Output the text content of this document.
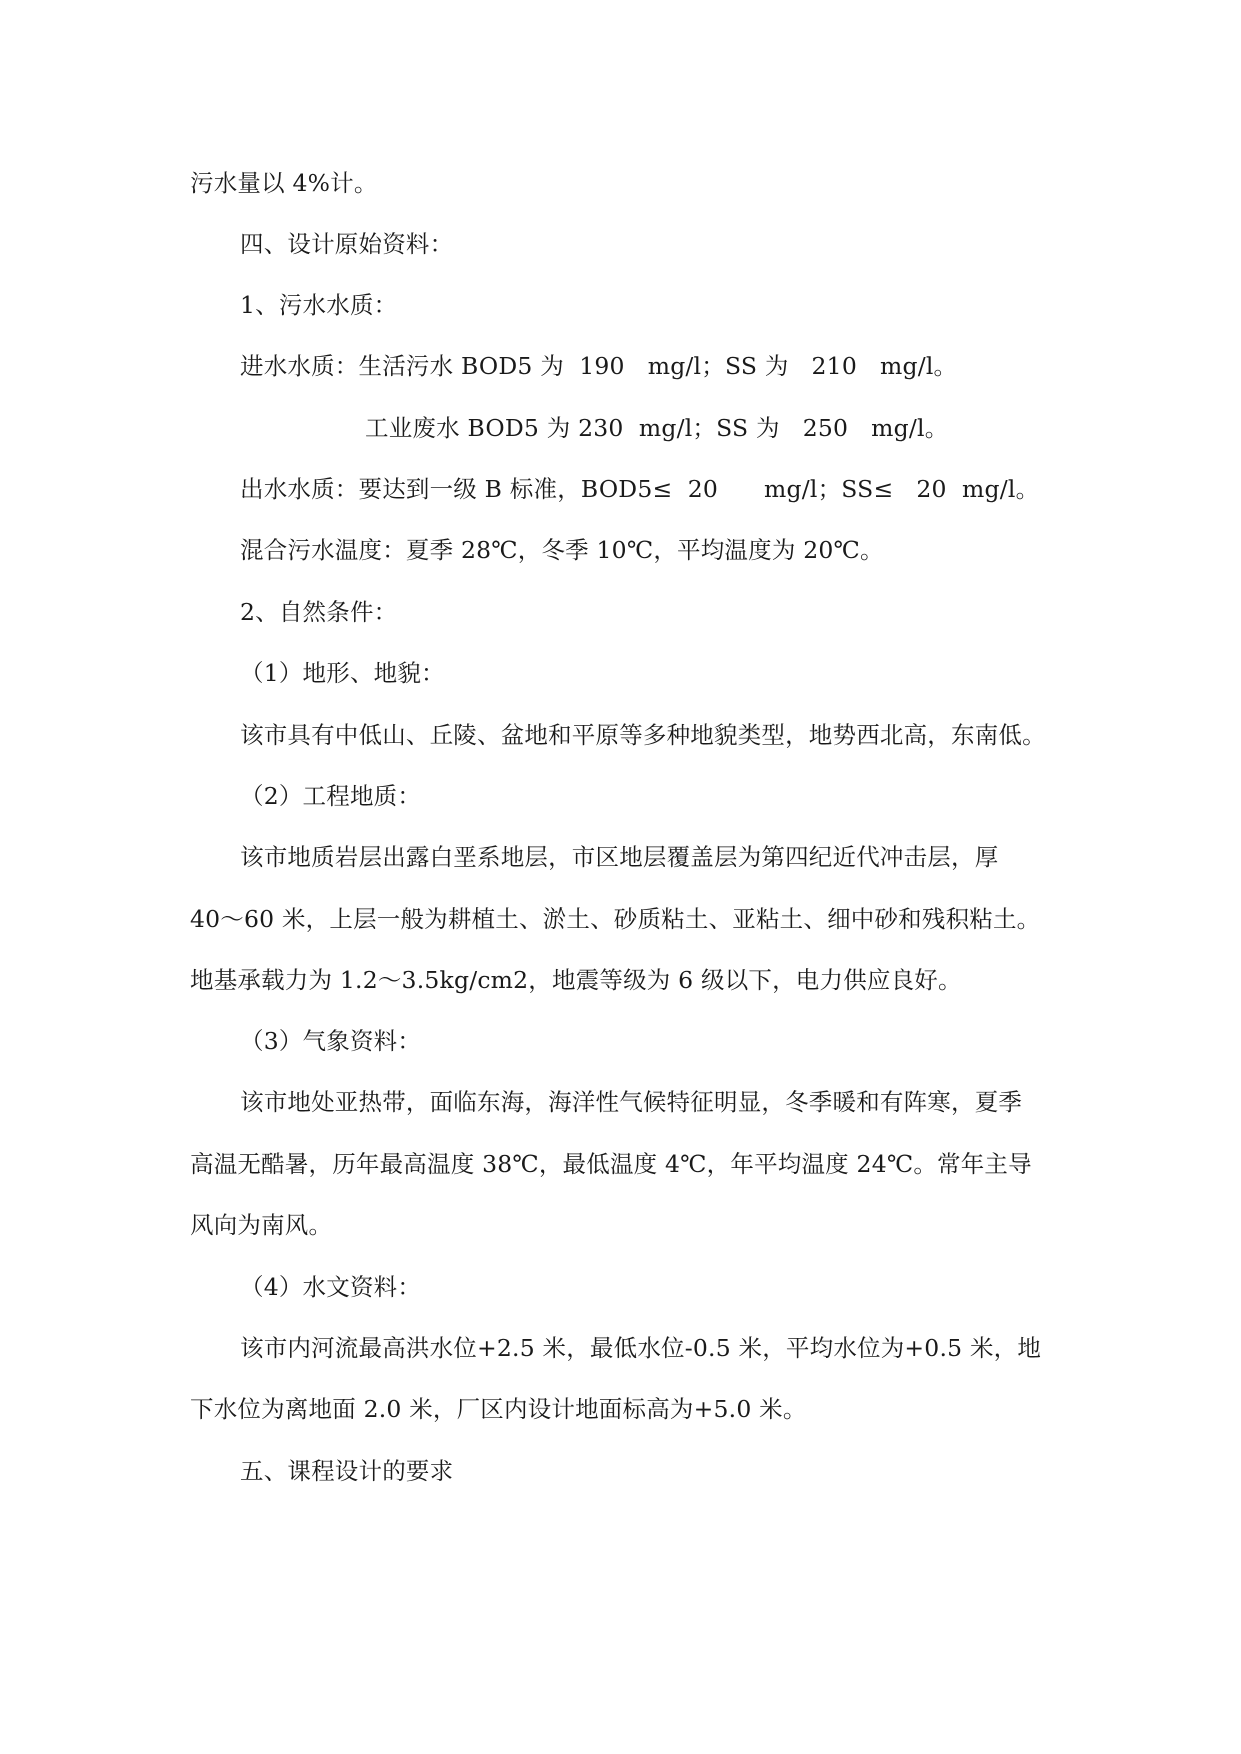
污水量以 4%计。
四、设计原始资料：
1、污水水质：
进水水质：生活污水 BOD5 为  190   mg/l；SS 为   210   mg/l。
工业废水 BOD5 为 230  mg/l；SS 为   250   mg/l。
出水水质：要达到一级 B 标准，BOD5≤  20      mg/l；SS≤   20  mg/l。
混合污水温度：夏季 28℃，冬季 10℃，平均温度为 20℃。
2、自然条件：
（1）地形、地貌：
该市具有中低山、丘陵、盆地和平原等多种地貌类型，地势西北高，东南低。
（2）工程地质：
该市地质岩层出露白垩系地层，市区地层覆盖层为第四纪近代冲击层，厚
40～60 米，上层一般为耕植土、淤土、砂质粘土、亚粘土、细中砂和残积粘土。
地基承载力为 1.2～3.5kg/cm2，地震等级为 6 级以下，电力供应良好。
（3）气象资料：
该市地处亚热带，面临东海，海洋性气候特征明显，冬季暖和有阵寒，夏季
高温无酷暑，历年最高温度 38℃，最低温度 4℃，年平均温度 24℃。常年主导
风向为南风。
（4）水文资料：
该市内河流最高洪水位+2.5 米，最低水位-0.5 米，平均水位为+0.5 米，地
下水位为离地面 2.0 米，厂区内设计地面标高为+5.0 米。
五、课程设计的要求
